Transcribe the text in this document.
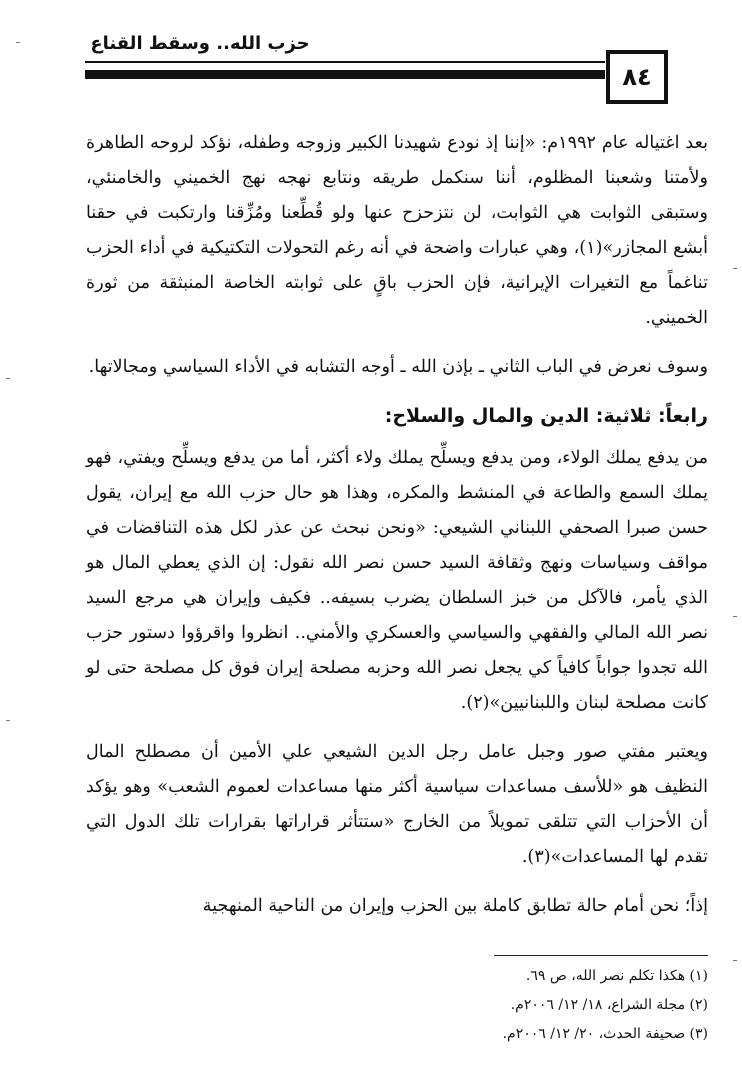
حزب الله.. وسقط القناع
٨٤

بعد اغتياله عام ١٩٩٢م: «إننا إذ نودع شهيدنا الكبير وزوجه وطفله، نؤكد لروحه الطاهرة ولأمتنا وشعبنا المظلوم، أننا سنكمل طريقه ونتابع نهجه نهج الخميني والخامنئي، وستبقى الثوابت هي الثوابت، لن نتزحزح عنها ولو قُطِّعنا ومُزِّقنا وارتكبت في حقنا أبشع المجازر»(١)، وهي عبارات واضحة في أنه رغم التحولات التكتيكية في أداء الحزب تناغماً مع التغيرات الإيرانية، فإن الحزب باقٍ على ثوابته الخاصة المنبثقة من ثورة الخميني.

وسوف نعرض في الباب الثاني ـ بإذن الله ـ أوجه التشابه في الأداء السياسي ومجالاتها.

رابعاً: ثلاثية: الدين والمال والسلاح:

من يدفع يملك الولاء، ومن يدفع ويسلِّح يملك ولاء أكثر، أما من يدفع ويسلِّح ويفتي، فهو يملك السمع والطاعة في المنشط والمكره، وهذا هو حال حزب الله مع إيران، يقول حسن صبرا الصحفي اللبناني الشيعي: «ونحن نبحث عن عذر لكل هذه التناقضات في مواقف وسياسات ونهج وثقافة السيد حسن نصر الله نقول: إن الذي يعطي المال هو الذي يأمر، فالآكل من خبز السلطان يضرب بسيفه.. فكيف وإيران هي مرجع السيد نصر الله المالي والفقهي والسياسي والعسكري والأمني.. انظروا واقرؤوا دستور حزب الله تجدوا جواباً كافياً كي يجعل نصر الله وحزبه مصلحة إيران فوق كل مصلحة حتى لو كانت مصلحة لبنان واللبنانيين»(٢).

ويعتبر مفتي صور وجبل عامل رجل الدين الشيعي علي الأمين أن مصطلح المال النظيف هو «للأسف مساعدات سياسية أكثر منها مساعدات لعموم الشعب» وهو يؤكد أن الأحزاب التي تتلقى تمويلاً من الخارج «ستتأثر قراراتها بقرارات تلك الدول التي تقدم لها المساعدات»(٣).

إذاً؛ نحن أمام حالة تطابق كاملة بين الحزب وإيران من الناحية المنهجية

(١) هكذا تكلم نصر الله، ص ٦٩.
(٢) مجلة الشراع، ١٨/ ١٢/ ٢٠٠٦م.
(٣) صحيفة الحدث، ٢٠/ ١٢/ ٢٠٠٦م.
